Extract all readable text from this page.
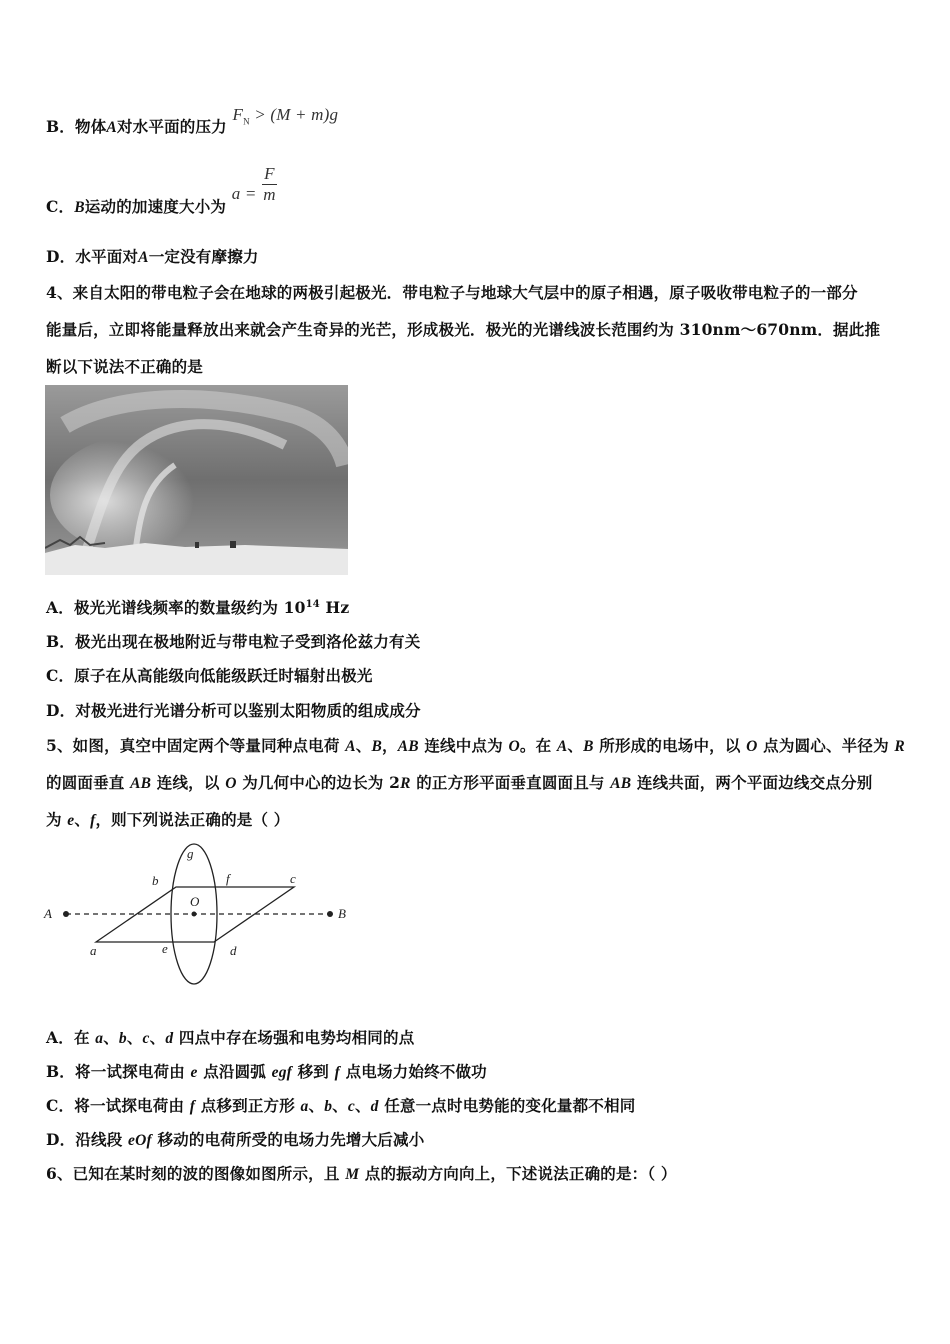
B．物体A对水平面的压力 $F_N > (M + m)g$
C．B运动的加速度大小为 $a = \frac{F}{m}$
D．水平面对A一定没有摩擦力
4、来自太阳的带电粒子会在地球的两极引起极光．带电粒子与地球大气层中的原子相遇，原子吸收带电粒子的一部分
能量后，立即将能量释放出来就会产生奇异的光芒，形成极光．极光的光谱线波长范围约为 310nm～670nm．据此推
断以下说法不正确的是
A．极光光谱线频率的数量级约为 $10^{14}$ Hz
B．极光出现在极地附近与带电粒子受到洛伦兹力有关
C．原子在从高能级向低能级跃迁时辐射出极光
D．对极光进行光谱分析可以鉴别太阳物质的组成成分
5、如图，真空中固定两个等量同种点电荷 A、B，AB 连线中点为 O。在 A、B 所形成的电场中，以 O 点为圆心、半径为 R
的圆面垂直 AB 连线，以 O 为几何中心的边长为 2R 的正方形平面垂直圆面且与 AB 连线共面，两个平面边线交点分别
为 e、f，则下列说法正确的是（ ）
A	B
O
a
b	c
d
e
f
g
A．在 a、b、c、d 四点中存在场强和电势均相同的点
B．将一试探电荷由 e 点沿圆弧 egf 移到 f 点电场力始终不做功
C．将一试探电荷由 f 点移到正方形 a、b、c、d 任意一点时电势能的变化量都不相同
D．沿线段 eOf 移动的电荷所受的电场力先增大后减小
6、已知在某时刻的波的图像如图所示，且 M 点的振动方向向上，下述说法正确的是：（ ）
